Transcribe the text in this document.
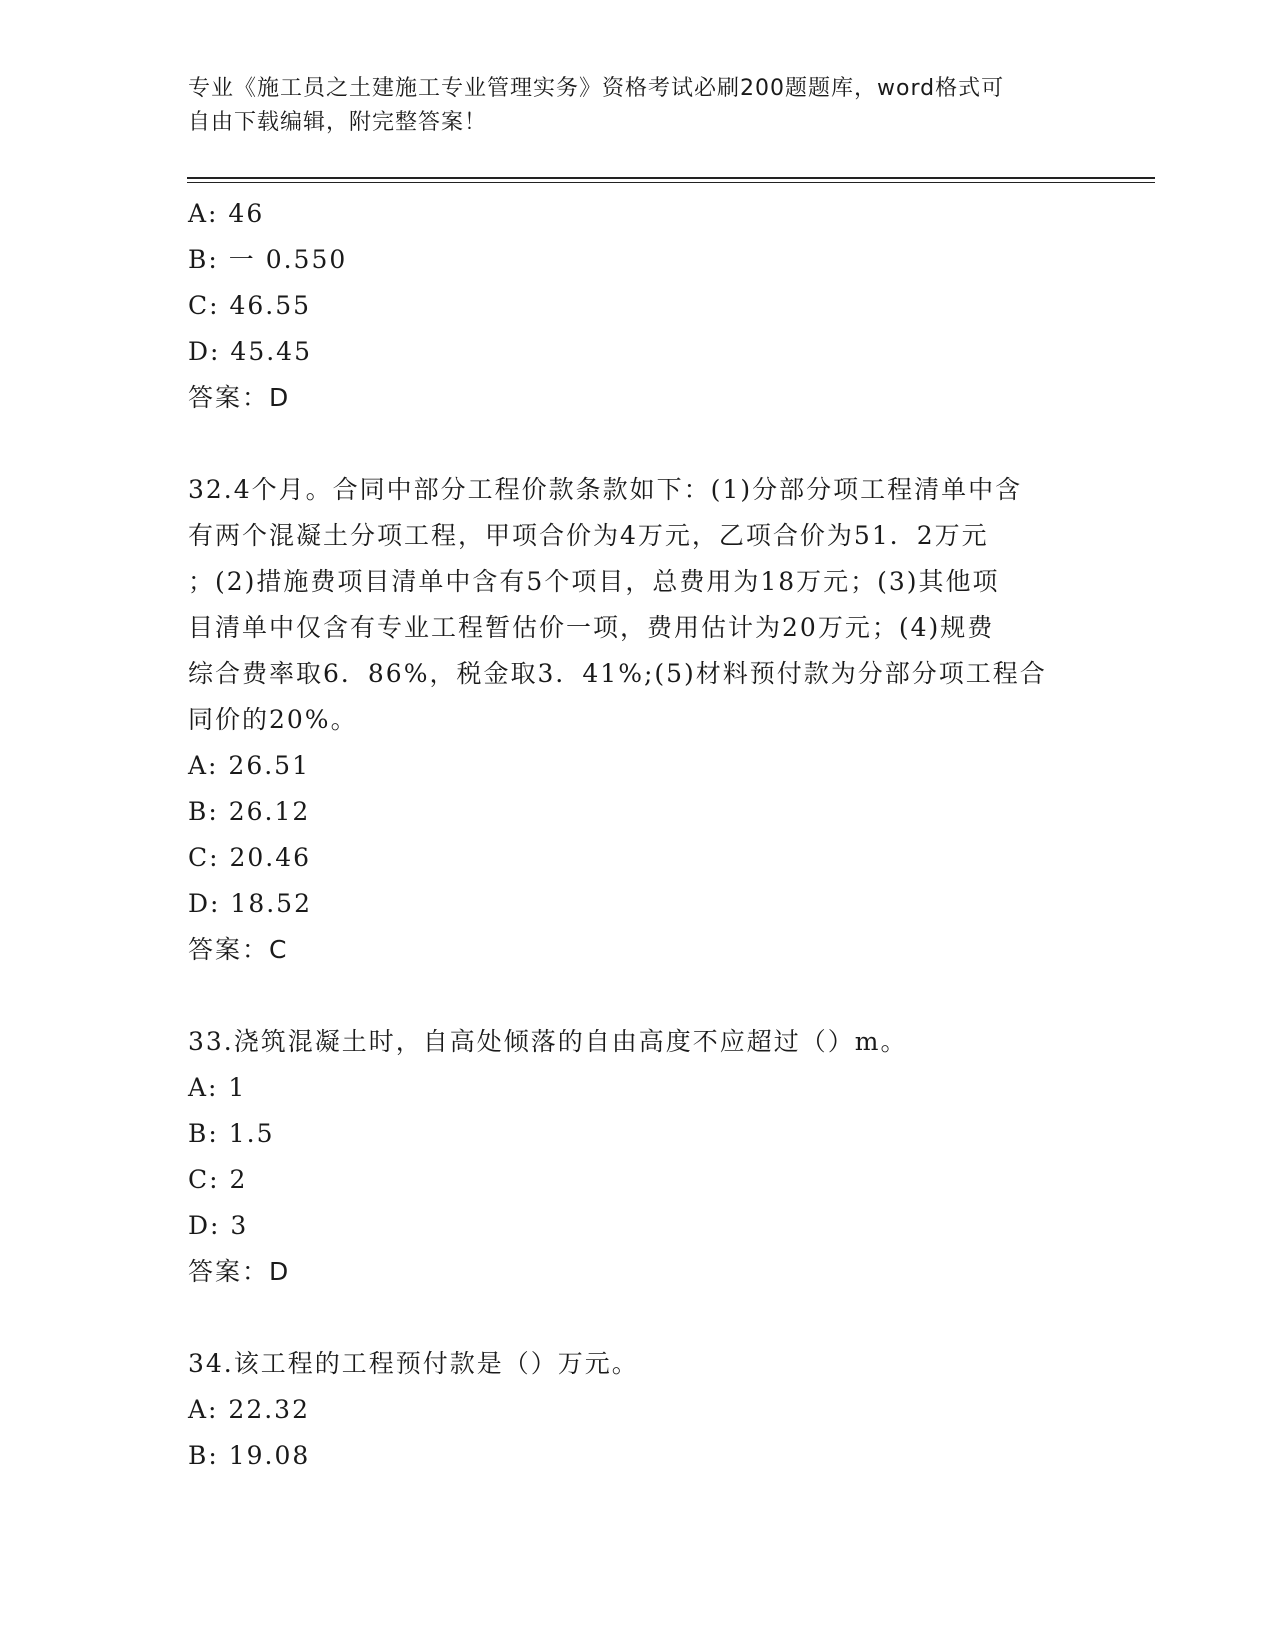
专业《施工员之土建施工专业管理实务》资格考试必刷200题题库，word格式可
自由下载编辑，附完整答案！
A: 46
B: 一 0.550
C: 46.55
D: 45.45
答案：D
32.4个月。合同中部分工程价款条款如下：(1)分部分项工程清单中含
有两个混凝土分项工程，甲项合价为4万元，乙项合价为51．2万元
；(2)措施费项目清单中含有5个项目，总费用为18万元；(3)其他项
目清单中仅含有专业工程暂估价一项，费用估计为20万元；(4)规费
综合费率取6．86%，税金取3．41%;(5)材料预付款为分部分项工程合
同价的20%。
A: 26.51
B: 26.12
C: 20.46
D: 18.52
答案：C
33.浇筑混凝土时，自高处倾落的自由高度不应超过（）m。
A: 1
B: 1.5
C: 2
D: 3
答案：D
34.该工程的工程预付款是（）万元。
A: 22.32
B: 19.08
